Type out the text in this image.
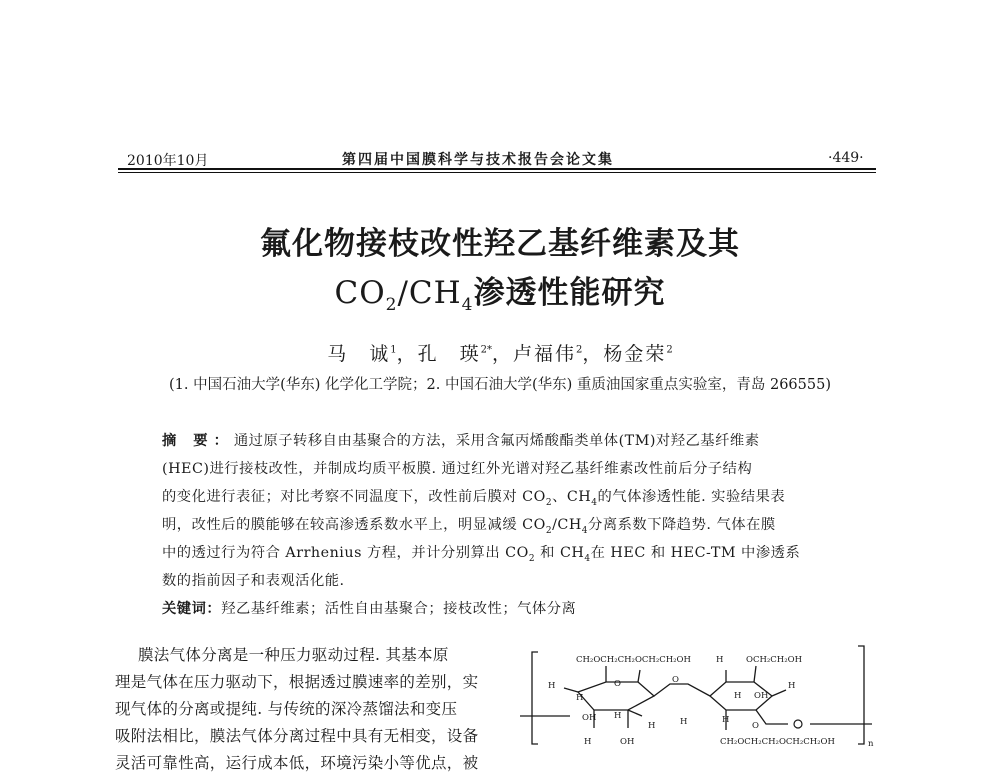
2010年10月	第四届中国膜科学与技术报告会论文集	·449·
氟化物接枝改性羟乙基纤维素及其
$CO_2/CH_4$渗透性能研究
马　诚$^1$，孔　瑛$^{2*}$，卢福伟$^2$，杨金荣$^2$
(1. 中国石油大学(华东) 化学化工学院；2. 中国石油大学(华东) 重质油国家重点实验室，青岛 266555)
摘 要：通过原子转移自由基聚合的方法，采用含氟丙烯酸酯类单体(TM)对羟乙基纤维素
(HEC)进行接枝改性，并制成均质平板膜. 通过红外光谱对羟乙基纤维素改性前后分子结构
的变化进行表征；对比考察不同温度下，改性前后膜对 $CO_2$、$CH_4$的气体渗透性能. 实验结果表
明，改性后的膜能够在较高渗透系数水平上，明显减缓 $CO_2/CH_4$分离系数下降趋势. 气体在膜
中的透过行为符合 Arrhenius 方程，并计分别算出 $CO_2$ 和 $CH_4$在 HEC 和 HEC-TM 中渗透系
数的指前因子和表观活化能.
关键词：羟乙基纤维素；活性自由基聚合；接枝改性；气体分离
膜法气体分离是一种压力驱动过程. 其基本原
理是气体在压力驱动下，根据透过膜速率的差别，实
现气体的分离或提纯. 与传统的深冷蒸馏法和变压
吸附法相比，膜法气体分离过程中具有无相变，设备
灵活可靠性高，运行成本低，环境污染小等优点，被
CH₂OCH₂CH₂OCH₂CH₂OH	H	OCH₂CH₂OH
H
H
O	O
H OH
H
OH H
H	H	H
O
H	OH	CH₂OCH₂CH₂OCH₂CH₂OH	n
